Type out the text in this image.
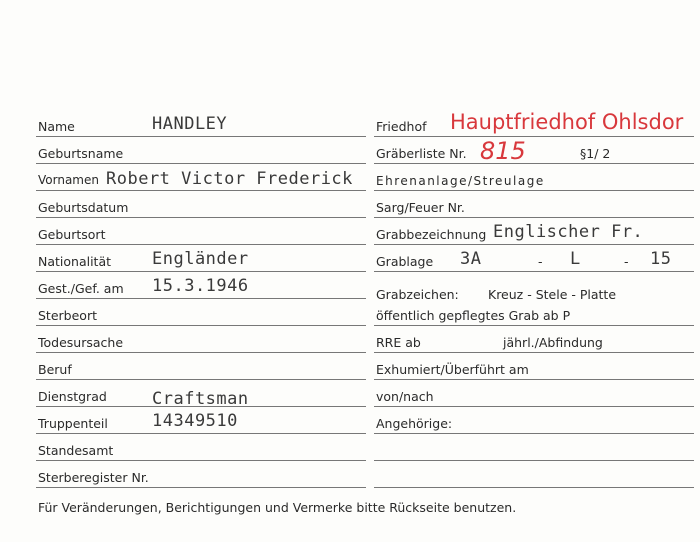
Name	HANDLEY
Geburtsname
Vornamen Robert Victor Frederick
Geburtsdatum
Geburtsort
Nationalität Engländer
Gest./Gef. am 15.3.1946
Sterbeort
Todesursache
Beruf
Dienstgrad	Craftsman
Truppenteil	14349510
Standesamt
Sterberegister Nr.
Friedhof Hauptfriedhof Ohlsdor
Gräberliste Nr. 815	§1/ 2
Ehrenanlage/Streulage
Sarg/Feuer Nr.
Grabbezeichnung Englischer Fr.
Grablage 3A	- L	- 15
Grabzeichen: Kreuz - Stele - Platte
öffentlich gepflegtes Grab ab P
RRE ab	jährl./Abfindung
Exhumiert/Überführt am
von/nach
Angehörige:
Für Veränderungen, Berichtigungen und Vermerke bitte Rückseite benutzen.
